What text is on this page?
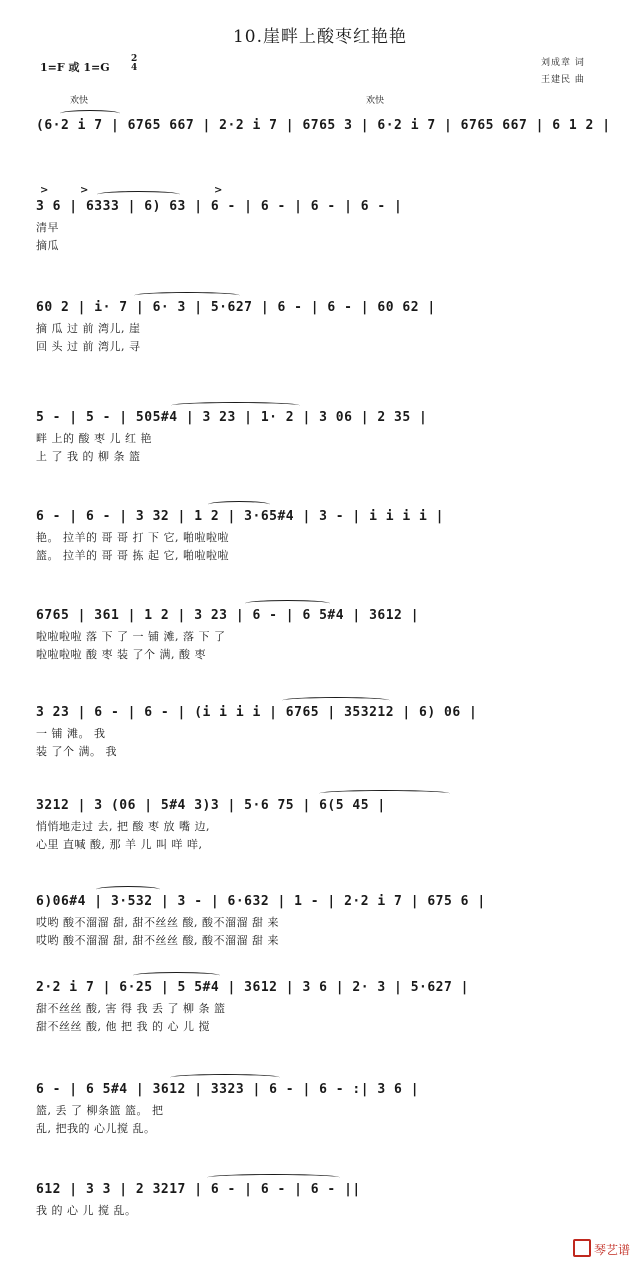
10.崖畔上酸枣红艳艳
1=F 或 1=G
2
4	刘成章 词
王建民 曲
欢快	欢快
>	>	>
(6·2 i 7 | 6765 667 | 2·2 i 7 | 6765 3 | 6·2 i 7 | 6765 667 | 6 1 2 |
3 6 | 6333 | 6) 63 | 6 - | 6 - | 6 - | 6 - |
清早
摘瓜
60 2 | i· 7 | 6· 3 | 5·627 | 6 - | 6 - | 60 62 |
摘 瓜 过 前 湾儿, 崖
回 头 过 前 湾儿, 寻
5 - | 5 - | 505#4 | 3 23 | 1· 2 | 3 06 | 2 35 |
畔 上的 酸 枣 儿 红 艳
上 了 我 的 柳 条 篮
6 - | 6 - | 3 32 | 1 2 | 3·65#4 | 3 - | i i i i |
艳。 拉羊的 哥 哥 打 下 它, 啪啦啦啦
篮。 拉羊的 哥 哥 拣 起 它, 啪啦啦啦
6765 | 361 | 1 2 | 3 23 | 6 - | 6 5#4 | 3612 |
啦啦啦啦 落 下 了 一 铺 滩, 落 下 了
啦啦啦啦 酸 枣 装 了个 满, 酸 枣
3 23 | 6 - | 6 - | (i i i i | 6765 | 353212 | 6) 06 |
一 铺 滩。 我
装 了个 满。 我
3212 | 3 (06 | 5#4 3)3 | 5·6 75 | 6(5 45 |
悄悄地走过 去, 把 酸 枣 放 嘴 边,
心里 直喊 酸, 那 羊 儿 叫 咩 咩,
6)06#4 | 3·532 | 3 - | 6·632 | 1 - | 2·2 i 7 | 675 6 |
哎哟 酸不溜溜 甜, 甜不丝丝 酸, 酸不溜溜 甜 来
哎哟 酸不溜溜 甜, 甜不丝丝 酸, 酸不溜溜 甜 来
2·2 i 7 | 6·25 | 5 5#4 | 3612 | 3 6 | 2· 3 | 5·627 |
甜不丝丝 酸, 害 得 我 丢 了 柳 条 篮
甜不丝丝 酸, 他 把 我 的 心 儿 搅
6 - | 6 5#4 | 3612 | 3323 | 6 - | 6 - :| 3 6 |
篮, 丢 了 柳条篮 篮。 把
乱, 把我的 心儿搅 乱。
612 | 3 3 | 2 3217 | 6 - | 6 - | 6 - ||
我 的 心 儿 搅 乱。
琴艺谱
